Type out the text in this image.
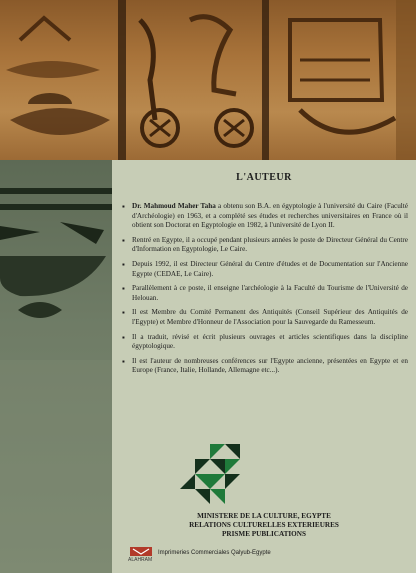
L'AUTEUR
▪ Dr. Mahmoud Maher Taha a obtenu son B.A. en égyptologie à l'université du Caire (Faculté d'Archéologie) en 1963, et a complété ses études et recherches universitaires en France où il obtient son Doctorat en Egyptologie en 1982, à l'université de Lyon II.
▪ Rentré en Egypte, il a occupé pendant plusieurs années le poste de Directeur Général du Centre d'Information en Egyptologie, Le Caire.
▪ Depuis 1992, il est Directeur Général du Centre d'études et de Documentation sur l'Ancienne Egypte (CEDAE, Le Caire).
▪ Parallèlement à ce poste, il enseigne l'archéologie à la Faculté du Tourisme de l'Université de Helouan.
▪ Il est Membre du Comité Permanent des Antiquités (Conseil Supérieur des Antiquités de l'Egypte) et Membre d'Honneur de l'Association pour la Sauvegarde du Ramesseum.
▪ Il a traduit, révisé et écrit plusieurs ouvrages et articles scientifiques dans la discipline égyptologique.
▪ Il est l'auteur de nombreuses conférences sur l'Egypte ancienne, présentées en Egypte et en Europe (France, Italie, Hollande, Allemagne etc...).
MINISTERE DE LA CULTURE, EGYPTE
RELATIONS CULTURELLES EXTERIEURES
PRISME PUBLICATIONS
ALAHRAM
Imprimeries Commerciales Qalyub-Egypte
